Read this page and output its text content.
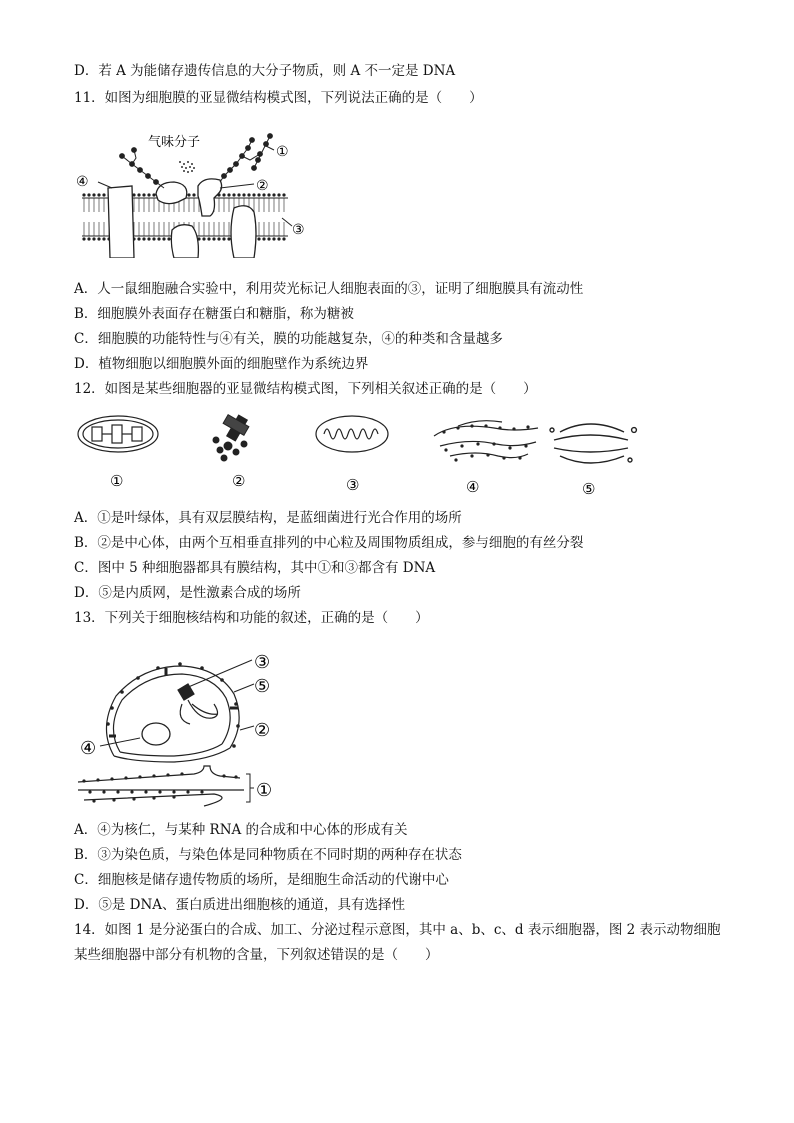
D．若 A 为能储存遗传信息的大分子物质，则 A 不一定是 DNA
11．如图为细胞膜的亚显微结构模式图，下列说法正确的是（　　）
气味分子
①
②
③
④
A．人一鼠细胞融合实验中，利用荧光标记人细胞表面的③，证明了细胞膜具有流动性
B．细胞膜外表面存在糖蛋白和糖脂，称为糖被
C．细胞膜的功能特性与④有关，膜的功能越复杂，④的种类和含量越多
D．植物细胞以细胞膜外面的细胞壁作为系统边界
12．如图是某些细胞器的亚显微结构模式图，下列相关叙述正确的是（　　）
①	②	③	④	⑤
A．①是叶绿体，具有双层膜结构，是蓝细菌进行光合作用的场所
B．②是中心体，由两个互相垂直排列的中心粒及周围物质组成，参与细胞的有丝分裂
C．图中 5 种细胞器都具有膜结构，其中①和③都含有 DNA
D．⑤是内质网，是性激素合成的场所
13．下列关于细胞核结构和功能的叙述，正确的是（　　）
③
⑤
②
④
①
A．④为核仁，与某种 RNA 的合成和中心体的形成有关
B．③为染色质，与染色体是同种物质在不同时期的两种存在状态
C．细胞核是储存遗传物质的场所，是细胞生命活动的代谢中心
D．⑤是 DNA、蛋白质进出细胞核的通道，具有选择性
14．如图 1 是分泌蛋白的合成、加工、分泌过程示意图，其中 a、b、c、d 表示细胞器，图 2 表示动物细胞
某些细胞器中部分有机物的含量，下列叙述错误的是（　　）
